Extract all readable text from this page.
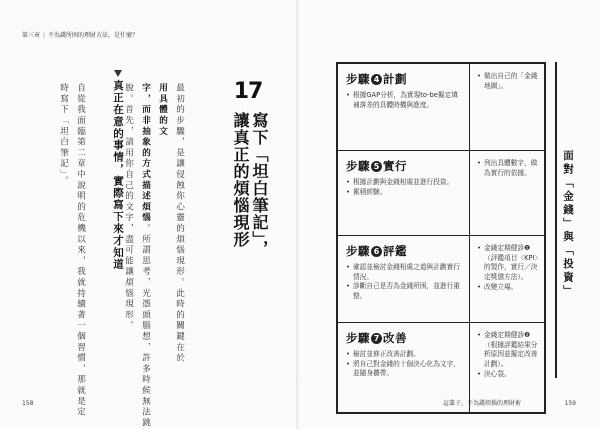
第三章 | 不為錢所困的理財方法，是什麼？
17
寫下「坦白筆記」，
讓真正的煩惱現形
最初的步驟，是讓侵蝕你心靈的煩惱現形。此時的關鍵在於
用具體的文
字，而非抽象的方式描述煩惱。所謂思考，光憑頭腦想，許多時候無法跳
脫。首先，請用你自己的文字，盡可能讓煩惱現形。
真正在意的事情，實際寫下來才知道
自從我面臨第二章中說明的危機以來，我就持續著一個習慣，那就是定
時寫下「坦白筆記」。
158
步驟 4 計劃
• 根據GAP分析，為實現to-be擬定填補落差的具體時機與進度。
• 做出自己的「金錢地圖」。
步驟 5 實行
• 根據計劃與金錢相處並進行投資。
• 累積經驗。
• 列出具體數字，做為實行的依據。
步驟 6 評鑑
• 確認並檢討金錢相處之道與計劃實行情況。
• 診斷自己是否為金錢所困，並進行重整。
• 金錢定期健診❶（評鑑項目〈KPI〉的製作，實行／決定獎懲方法）。
• 改變立場。
步驟 7 改善
• 檢討並修正改善計劃。
• 將自己對金錢的十個決心化為文字，並隨身攜帶。
• 金錢定期健診❷（根據評鑑結果分析原因並擬定改善計劃）。
• 決心袋。
面對「金錢」與「投資」
這輩子，不為錢煩惱的理財術	159
